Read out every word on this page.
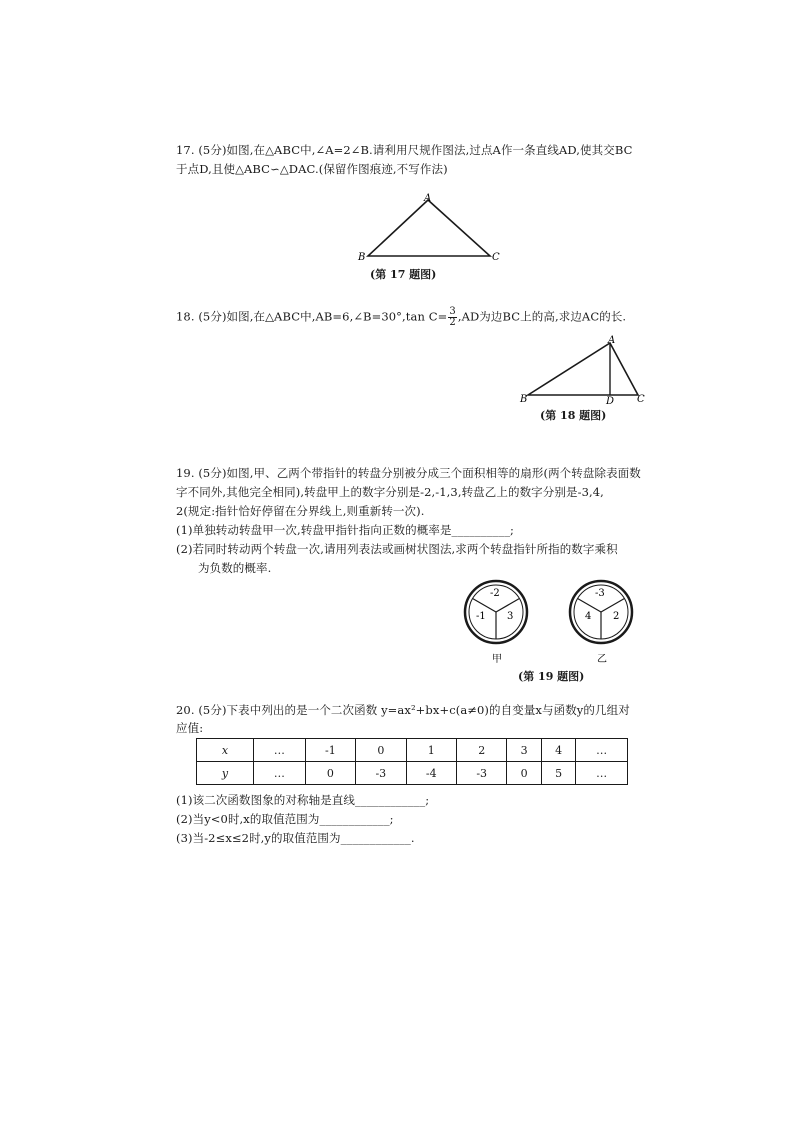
17. (5分)如图,在△ABC中,∠A=2∠B.请利用尺规作图法,过点A作一条直线AD,使其交BC
于点D,且使△ABC∽△DAC.(保留作图痕迹,不写作法)
A
B	C
(第 17 题图)
18. (5分)如图,在△ABC中,AB=6,∠B=30°,tan $C= \frac{3}{2} ,AD$为边BC上的高,求边AC的长.
A
B	D C
(第 18 题图)
19. (5分)如图,甲、乙两个带指针的转盘分别被分成三个面积相等的扇形(两个转盘除表面数
字不同外,其他完全相同),转盘甲上的数字分别是-2,-1,3,转盘乙上的数字分别是-3,4,
2(规定:指针恰好停留在分界线上,则重新转一次).
(1)单独转动转盘甲一次,转盘甲指针指向正数的概率是__________;
(2)若同时转动两个转盘一次,请用列表法或画树状图法,求两个转盘指针所指的数字乘积
为负数的概率.
-2
-1 3
甲
-3
4 2
乙
(第 19 题图)
20. (5分)下表中列出的是一个二次函数 y=ax²+bx+c(a≠0)的自变量x与函数y的几组对
应值:
x	…	-1	0	1	2	3	4	…
y	…	0	-3	-4	-3	0	5	…
(1)该二次函数图象的对称轴是直线____________;
(2)当y<0时,x的取值范围为____________;
(3)当-2≤x≤2时,y的取值范围为____________.
